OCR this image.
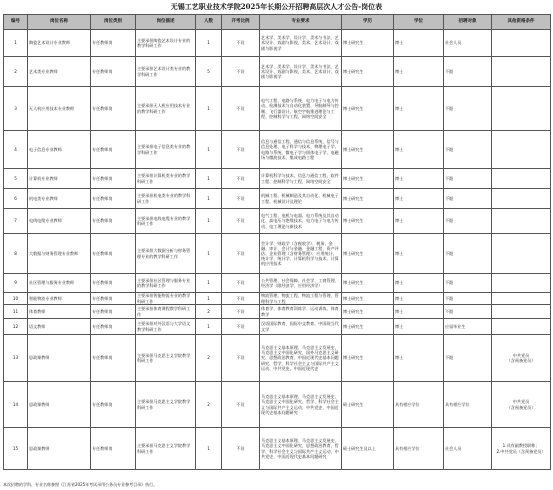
无锡工艺职业技术学院2025年长期公开招聘高层次人才公告-岗位表
编号	岗位名称	岗位类别	岗位描述	人数	开考比例	专业要求	学历	学位	招聘对象	其他资格条件
1	陶瓷艺术设计专业教师	专任教师岗	主要承担陶瓷艺术设计专业的教学科研工作	1	不设	艺术学、美术学、设计学、美术与书法、艺术设计、戏剧与影视、美术、艺术设计、戏剧与影视学	博士研究生	博士	社会人员	
2	艺术类专业教师	专任教师岗	主要承担艺术设计类专业的教学科研工作	5	不设	艺术学、美术学、设计学、美术与书法、艺术设计、戏剧与影视、美术、艺术设计、戏剧与影视学	博士研究生	博士	不限	
3	无人机应用技术专业教师	专任教师岗	主要承担无人机应用技术专业的教学科研工作	1	不设	电气工程、电路与系统、电力电子与电力传动、检测技术与自动化装置、导航制导与控制、飞行器设计、航空宇航推进理论与工程、控制科学与工程、网络空间安全	博士研究生	博士	不限	
4	电子信息专业教师	专任教师岗	主要承担电子信息类专业的教学科研工作	1	不设	信息与通信工程、通信与信息系统、信号与信息处理、电子科学与技术、物理电子学、电路与系统、微电子学与固体电子学、电磁场与微波技术、集成电路工程	博士研究生	博士	不限	
5	计算机专业教师	专任教师岗	主要承担计算机类专业的教学科研工作	1	不设	计算机科学与技术、信息与通信工程、软件工程、控制科学与工程、网络空间安全	博士研究生	博士	不限	
6	机电类专业教师	专任教师岗	主要承担机电类专业的教学科研工作	1	不设	机械工程、机械制造及其自动化、机械电子工程、机械设计及理论	博士研究生	博士	不限	
7	电线电缆专业教师	专任教师岗	主要承担电线电缆专业的教学科研工作	1	不设	电气工程、电机与电器、电力系统及其自动化、高电压与绝缘技术、电力电子与电力传动、电工理论与新技术	博士研究生	博士	不限	
8	大数据与财务管理专业教师	专任教师岗	主要承担大数据分析与财务管理专业的教学科研工作	1	不设	会计学、财政学（含税收学）、税务、金融、审计、会计与金融、金融工程、资产评估、企业管理（含财务管理）、应用统计、统计学、统计学、计算机科学与技术、计算机应用技术	博士研究生	博士	不限	
9	社区管理与服务专业教师	专任教师岗	主要承担社区管理与服务专业的教学科研工作	1	不设	公共管理、社会保障、社会学、工商管理、经济学（限经济学、应用经济学）	博士研究生	博士	不限	
10	智能物流专业教师	专任教师岗	主要承担智能物流专业的教学科研工作	1	不设	物流管理、物流工程、物流工程与管理、管理科学与工程	博士研究生	博士	不限	
11	体育教师	专任教师岗	主要承担体育课程教学科研工作	2	不设	体育学、体育教育训练学、运动训练、体育教学	博士研究生	博士	不限	
12	语文教师	专任教师岗	主要承担对外汉语与大学语文教学科研工作	1	不设	汉语国际教育、国际中文教育、中国现当代文学	博士研究生	博士	应届毕业生	
13	思政课教师	专任教师岗	主要承担马克思主义学院教学科研工作	2	不设	马克思主义基本原理、马克思主义发展史、马克思主义中国化研究、国外马克思主义研究、思想政治教育、中国近现代史基本问题研究、哲学、科学社会主义与国际共产主义运动、中共党史、中国近现代史	博士研究生	博士	不限	中共党员
（含预备党员）
14	思政课教师	专任教师岗	主要承担马克思主义学院教学科研工作	2	不设	马克思主义基本原理、马克思主义发展史、马克思主义中国化研究、哲学、科学社会主义与国际共产主义运动、中共党史、中国近现代史基本问题研究	硕士研究生	具有相应学位	具有相应学位	中共党员
（含预备党员）
15	思政课教师	专任教师岗	主要承担马克思主义学院教学科研工作	1	不设	马克思主义基本原理、马克思主义发展史、马克思主义中国化研究、思想政治教育、哲学、科学社会主义与国际共产主义运动、中共党史、中国近现代史基本问题研究	硕士研究生及以上	具有相应学位	社会人员	1.具有副教授职称；
2.中共党员（含预备党员）
本次招聘的学科、专业名称参照《江苏省2025年考试录用公务员专业参考目录》执行。
